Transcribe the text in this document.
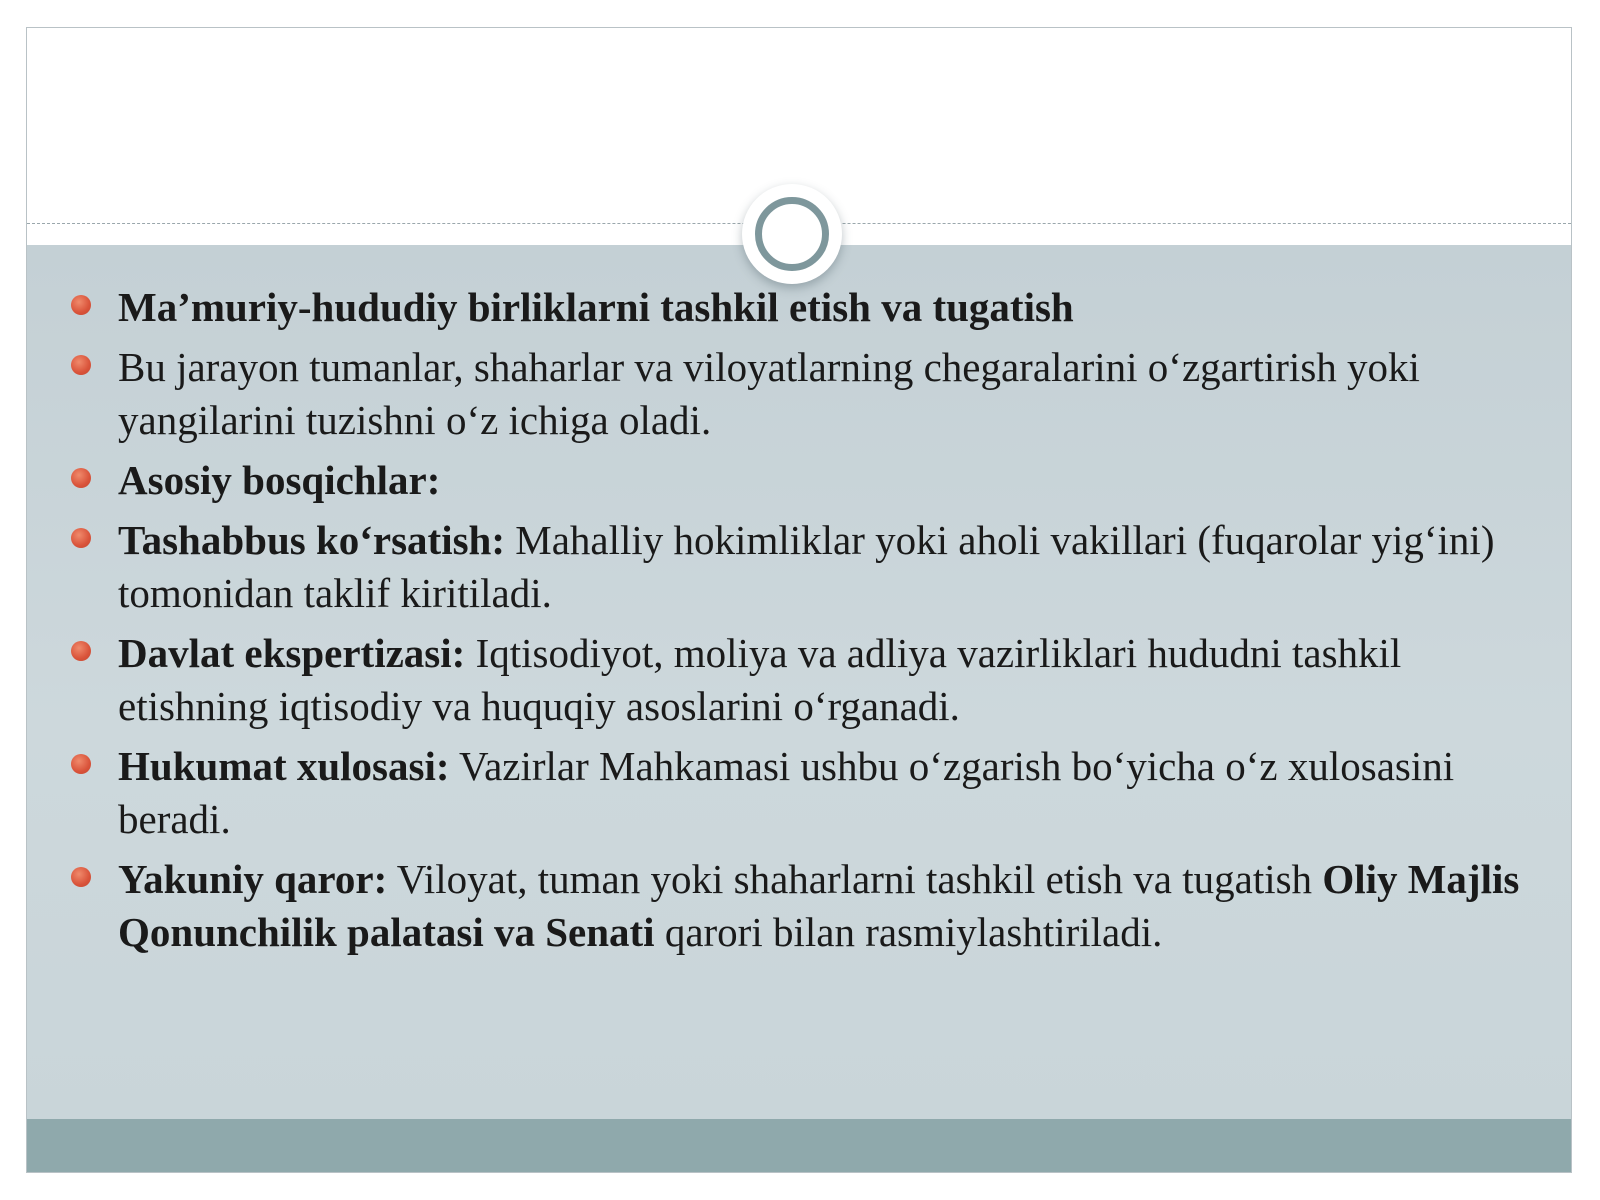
Ma’muriy-hududiy birliklarni tashkil etish va tugatish
Bu jarayon tumanlar, shaharlar va viloyatlarning chegaralarini o‘zgartirish yoki yangilarini tuzishni o‘z ichiga oladi.
Asosiy bosqichlar:
Tashabbus ko‘rsatish: Mahalliy hokimliklar yoki aholi vakillari (fuqarolar yig‘ini) tomonidan taklif kiritiladi.
Davlat ekspertizasi: Iqtisodiyot, moliya va adliya vazirliklari hududni tashkil etishning iqtisodiy va huquqiy asoslarini o‘rganadi.
Hukumat xulosasi: Vazirlar Mahkamasi ushbu o‘zgarish bo‘yicha o‘z xulosasini beradi.
Yakuniy qaror: Viloyat, tuman yoki shaharlarni tashkil etish va tugatish Oliy Majlis Qonunchilik palatasi va Senati qarori bilan rasmiylashtiriladi.
